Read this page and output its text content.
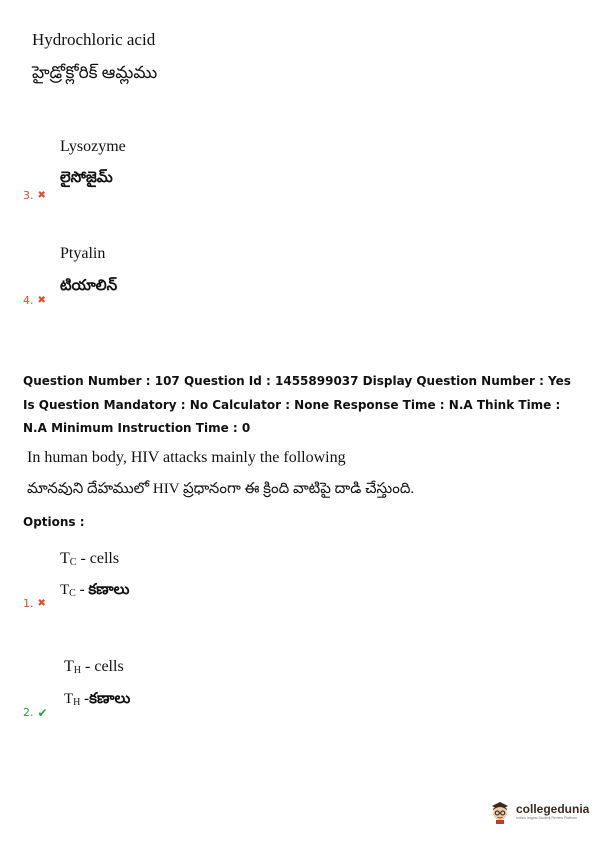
Hydrochloric acid
హైడ్రోక్లోరిక్ ఆమ్లము
Lysozyme
లైసోజైమ్
3. ✖
Ptyalin
టియాలిన్
4. ✖
Question Number : 107 Question Id : 1455899037 Display Question Number : Yes Is Question Mandatory : No Calculator : None Response Time : N.A Think Time : N.A Minimum Instruction Time : 0
In human body, HIV attacks mainly the following
మానవుని దేహములో HIV ప్రధానంగా ఈ క్రింది వాటిపై దాడి చేస్తుంది.
Options :
$T_C$ - cells
$T_C$ - కణాలు
1. ✖
$T_H$ - cells
$T_H$ -కణాలు
2. ✔
collegedunia
India's largest Student Review Platform
